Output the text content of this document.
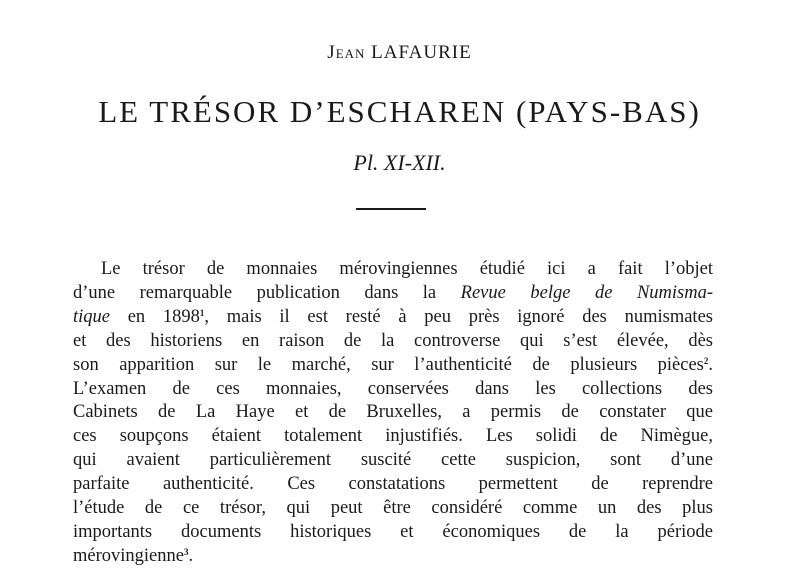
Jean LAFAURIE
LE TRÉSOR D’ESCHAREN (PAYS-BAS)
Pl. XI-XII.
Le trésor de monnaies mérovingiennes étudié ici a fait l’objet
d’une remarquable publication dans la Revue belge de Numisma-
tique en 1898$^1$, mais il est resté à peu près ignoré des numismates
et des historiens en raison de la controverse qui s’est élevée, dès
son apparition sur le marché, sur l’authenticité de plusieurs pièces$^2$.
L’examen de ces monnaies, conservées dans les collections des
Cabinets de La Haye et de Bruxelles, a permis de constater que
ces soupçons étaient totalement injustifiés. Les solidi de Nimègue,
qui avaient particulièrement suscité cette suspicion, sont d’une
parfaite authenticité. Ces constatations permettent de reprendre
l’étude de ce trésor, qui peut être considéré comme un des plus
importants documents historiques et économiques de la période
mérovingienne$^3$.
